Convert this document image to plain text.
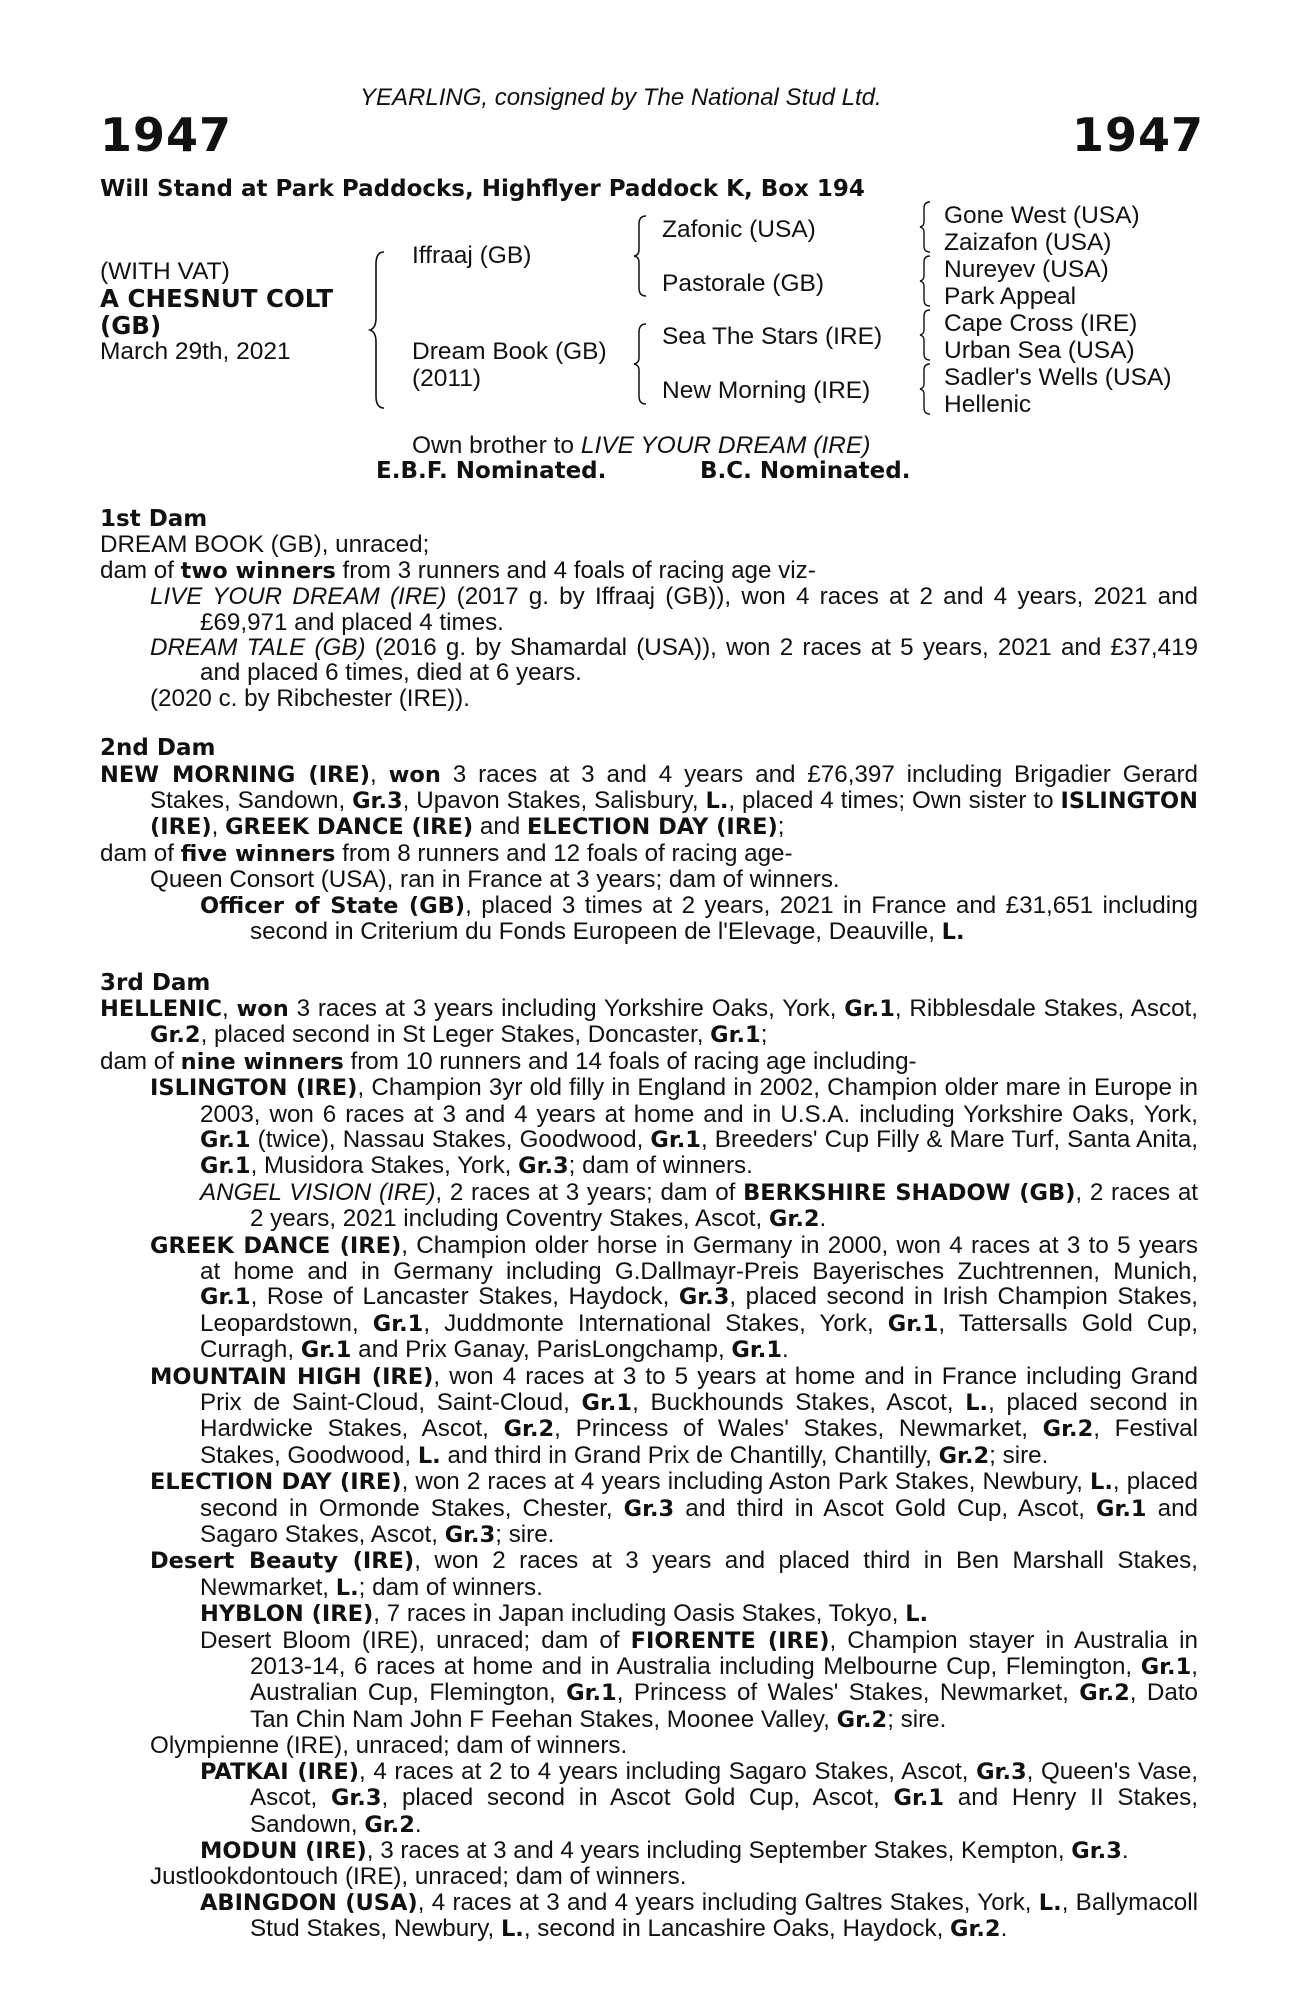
YEARLING, consigned by The National Stud Ltd.
1947	1947
Will Stand at Park Paddocks, Highflyer Paddock K, Box 194
(WITH VAT)
A CHESNUT COLT
(GB)
March 29th, 2021
Iffraaj (GB)
Dream Book (GB)
(2011)
Zafonic (USA)
Pastorale (GB)
Sea The Stars (IRE)
New Morning (IRE)
Gone West (USA)
Zaizafon (USA)
Nureyev (USA)
Park Appeal
Cape Cross (IRE)
Urban Sea (USA)
Sadler's Wells (USA)
Hellenic
Own brother to LIVE YOUR DREAM (IRE)
E.B.F. Nominated.	B.C. Nominated.

1st Dam

DREAM BOOK (GB), unraced;

dam of two winners from 3 runners and 4 foals of racing age viz-

LIVE YOUR DREAM (IRE) (2017 g. by Iffraaj (GB)), won 4 races at 2 and 4 years, 2021 and £69,971 and placed 4 times.

DREAM TALE (GB) (2016 g. by Shamardal (USA)), won 2 races at 5 years, 2021 and £37,419 and placed 6 times, died at 6 years.

(2020 c. by Ribchester (IRE)).

2nd Dam

NEW MORNING (IRE), won 3 races at 3 and 4 years and £76,397 including Brigadier Gerard Stakes, Sandown, Gr.3, Upavon Stakes, Salisbury, L., placed 4 times; Own sister to ISLINGTON (IRE), GREEK DANCE (IRE) and ELECTION DAY (IRE);

dam of five winners from 8 runners and 12 foals of racing age-

Queen Consort (USA), ran in France at 3 years; dam of winners.

Officer of State (GB), placed 3 times at 2 years, 2021 in France and £31,651 including second in Criterium du Fonds Europeen de l'Elevage, Deauville, L.

3rd Dam

HELLENIC, won 3 races at 3 years including Yorkshire Oaks, York, Gr.1, Ribblesdale Stakes, Ascot, Gr.2, placed second in St Leger Stakes, Doncaster, Gr.1;

dam of nine winners from 10 runners and 14 foals of racing age including-

ISLINGTON (IRE), Champion 3yr old filly in England in 2002, Champion older mare in Europe in 2003, won 6 races at 3 and 4 years at home and in U.S.A. including Yorkshire Oaks, York, Gr.1 (twice), Nassau Stakes, Goodwood, Gr.1, Breeders' Cup Filly & Mare Turf, Santa Anita, Gr.1, Musidora Stakes, York, Gr.3; dam of winners.

ANGEL VISION (IRE), 2 races at 3 years; dam of BERKSHIRE SHADOW (GB), 2 races at 2 years, 2021 including Coventry Stakes, Ascot, Gr.2.

GREEK DANCE (IRE), Champion older horse in Germany in 2000, won 4 races at 3 to 5 years at home and in Germany including G.Dallmayr-Preis Bayerisches Zuchtrennen, Munich, Gr.1, Rose of Lancaster Stakes, Haydock, Gr.3, placed second in Irish Champion Stakes, Leopardstown, Gr.1, Juddmonte International Stakes, York, Gr.1, Tattersalls Gold Cup, Curragh, Gr.1 and Prix Ganay, ParisLongchamp, Gr.1.

MOUNTAIN HIGH (IRE), won 4 races at 3 to 5 years at home and in France including Grand Prix de Saint-Cloud, Saint-Cloud, Gr.1, Buckhounds Stakes, Ascot, L., placed second in Hardwicke Stakes, Ascot, Gr.2, Princess of Wales' Stakes, Newmarket, Gr.2, Festival Stakes, Goodwood, L. and third in Grand Prix de Chantilly, Chantilly, Gr.2; sire.

ELECTION DAY (IRE), won 2 races at 4 years including Aston Park Stakes, Newbury, L., placed second in Ormonde Stakes, Chester, Gr.3 and third in Ascot Gold Cup, Ascot, Gr.1 and Sagaro Stakes, Ascot, Gr.3; sire.

Desert Beauty (IRE), won 2 races at 3 years and placed third in Ben Marshall Stakes, Newmarket, L.; dam of winners.

HYBLON (IRE), 7 races in Japan including Oasis Stakes, Tokyo, L.

Desert Bloom (IRE), unraced; dam of FIORENTE (IRE), Champion stayer in Australia in 2013-14, 6 races at home and in Australia including Melbourne Cup, Flemington, Gr.1, Australian Cup, Flemington, Gr.1, Princess of Wales' Stakes, Newmarket, Gr.2, Dato Tan Chin Nam John F Feehan Stakes, Moonee Valley, Gr.2; sire.

Olympienne (IRE), unraced; dam of winners.

PATKAI (IRE), 4 races at 2 to 4 years including Sagaro Stakes, Ascot, Gr.3, Queen's Vase, Ascot, Gr.3, placed second in Ascot Gold Cup, Ascot, Gr.1 and Henry II Stakes, Sandown, Gr.2.

MODUN (IRE), 3 races at 3 and 4 years including September Stakes, Kempton, Gr.3.

Justlookdontouch (IRE), unraced; dam of winners.

ABINGDON (USA), 4 races at 3 and 4 years including Galtres Stakes, York, L., Ballymacoll Stud Stakes, Newbury, L., second in Lancashire Oaks, Haydock, Gr.2.
